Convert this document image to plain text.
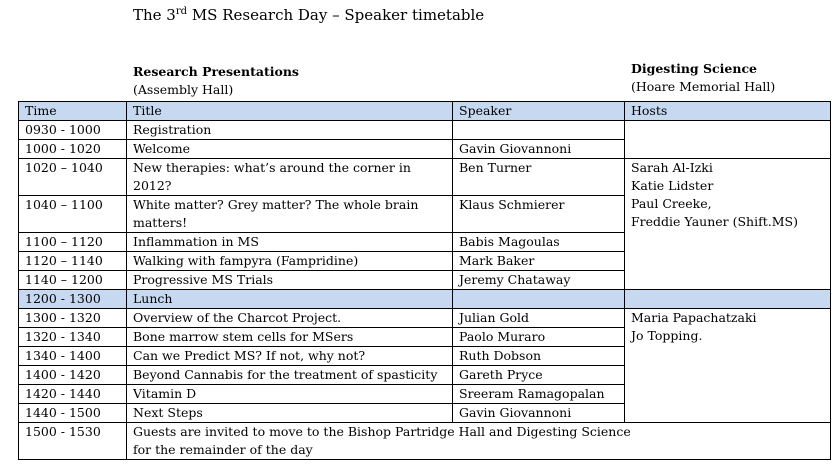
The 3rd MS Research Day – Speaker timetable
Research Presentations
(Assembly Hall)
Digesting Science
(Hoare Memorial Hall)
Time	Title	Speaker	Hosts
0930 - 1000	Registration		
1000 - 1020	Welcome	Gavin Giovannoni	
1020 – 1040	New therapies: what’s around the corner in 2012?	Ben Turner	Sarah Al-Izki
Katie Lidster
Paul Creeke,
Freddie Yauner (Shift.MS)

1040 – 1100	White matter? Grey matter? The whole brain matters!	Klaus Schmierer	
1100 – 1120	Inflammation in MS	Babis Magoulas	
1120 – 1140	Walking with fampyra (Fampridine)	Mark Baker	
1140 – 1200	Progressive MS Trials	Jeremy Chataway	
1200 - 1300	Lunch		
1300 - 1320	Overview of the Charcot Project.	Julian Gold	Maria Papachatzaki
Jo Topping.

1320 - 1340	Bone marrow stem cells for MSers	Paolo Muraro	
1340 - 1400	Can we Predict MS? If not, why not?	Ruth Dobson	
1400 - 1420	Beyond Cannabis for the treatment of spasticity	Gareth Pryce	
1420 - 1440	Vitamin D	Sreeram Ramagopalan	
1440 - 1500	Next Steps	Gavin Giovannoni	
1500 - 1530	Guests are invited to move to the Bishop Partridge Hall and Digesting Science for the remainder of the day		
